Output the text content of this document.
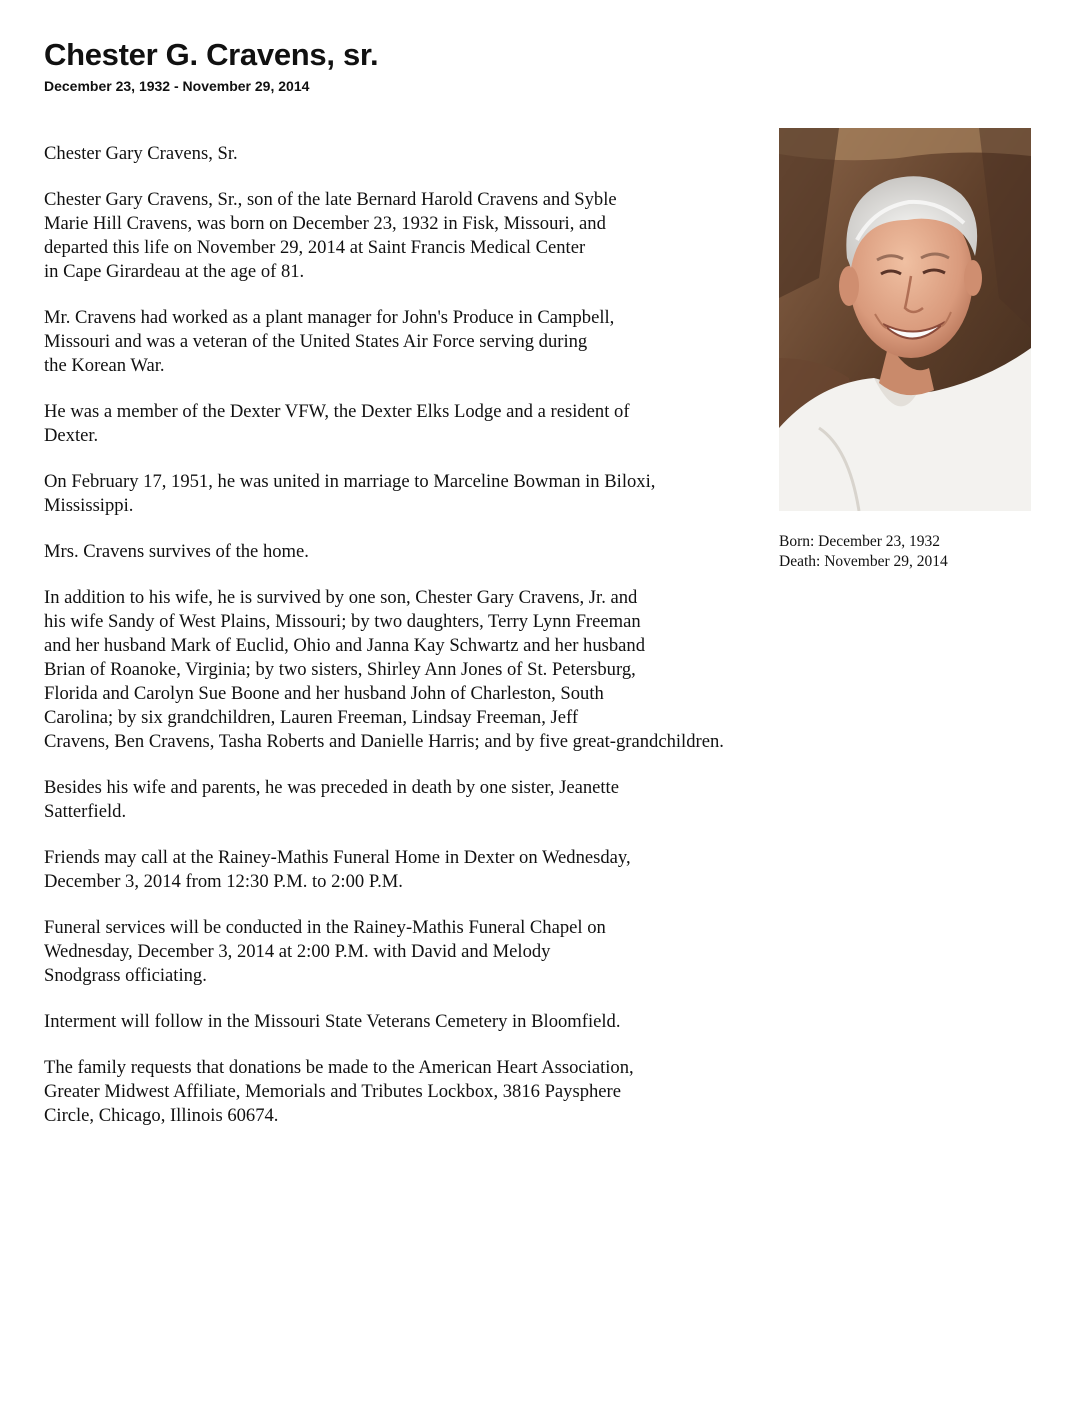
Chester G. Cravens, sr.
December 23, 1932 - November 29, 2014

Chester Gary Cravens, Sr.

Chester Gary Cravens, Sr., son of the late Bernard Harold Cravens and Syble
Marie Hill Cravens, was born on December 23, 1932 in Fisk, Missouri, and
departed this life on November 29, 2014 at Saint Francis Medical Center
in Cape Girardeau at the age of 81.

Mr. Cravens had worked as a plant manager for John's Produce in Campbell,
Missouri and was a veteran of the United States Air Force serving during
the Korean War.

He was a member of the Dexter VFW, the Dexter Elks Lodge and a resident of
Dexter.

On February 17, 1951, he was united in marriage to Marceline Bowman in Biloxi,
Mississippi.

Mrs. Cravens survives of the home.

In addition to his wife, he is survived by one son, Chester Gary Cravens, Jr. and
his wife Sandy of West Plains, Missouri; by two daughters, Terry Lynn Freeman
and her husband Mark of Euclid, Ohio and Janna Kay Schwartz and her husband
Brian of Roanoke, Virginia; by two sisters, Shirley Ann Jones of St. Petersburg,
Florida and Carolyn Sue Boone and her husband John of Charleston, South
Carolina; by six grandchildren, Lauren Freeman, Lindsay Freeman, Jeff
Cravens, Ben Cravens, Tasha Roberts and Danielle Harris; and by five great-grandchildren.

Besides his wife and parents, he was preceded in death by one sister, Jeanette
Satterfield.

Friends may call at the Rainey-Mathis Funeral Home in Dexter on Wednesday,
December 3, 2014 from 12:30 P.M. to 2:00 P.M.

Funeral services will be conducted in the Rainey-Mathis Funeral Chapel on
Wednesday, December 3, 2014 at 2:00 P.M. with David and Melody
Snodgrass officiating.

Interment will follow in the Missouri State Veterans Cemetery in Bloomfield.

The family requests that donations be made to the American Heart Association,
Greater Midwest Affiliate, Memorials and Tributes Lockbox, 3816 Paysphere
Circle, Chicago, Illinois 60674.

Born: December 23, 1932
Death: November 29, 2014
